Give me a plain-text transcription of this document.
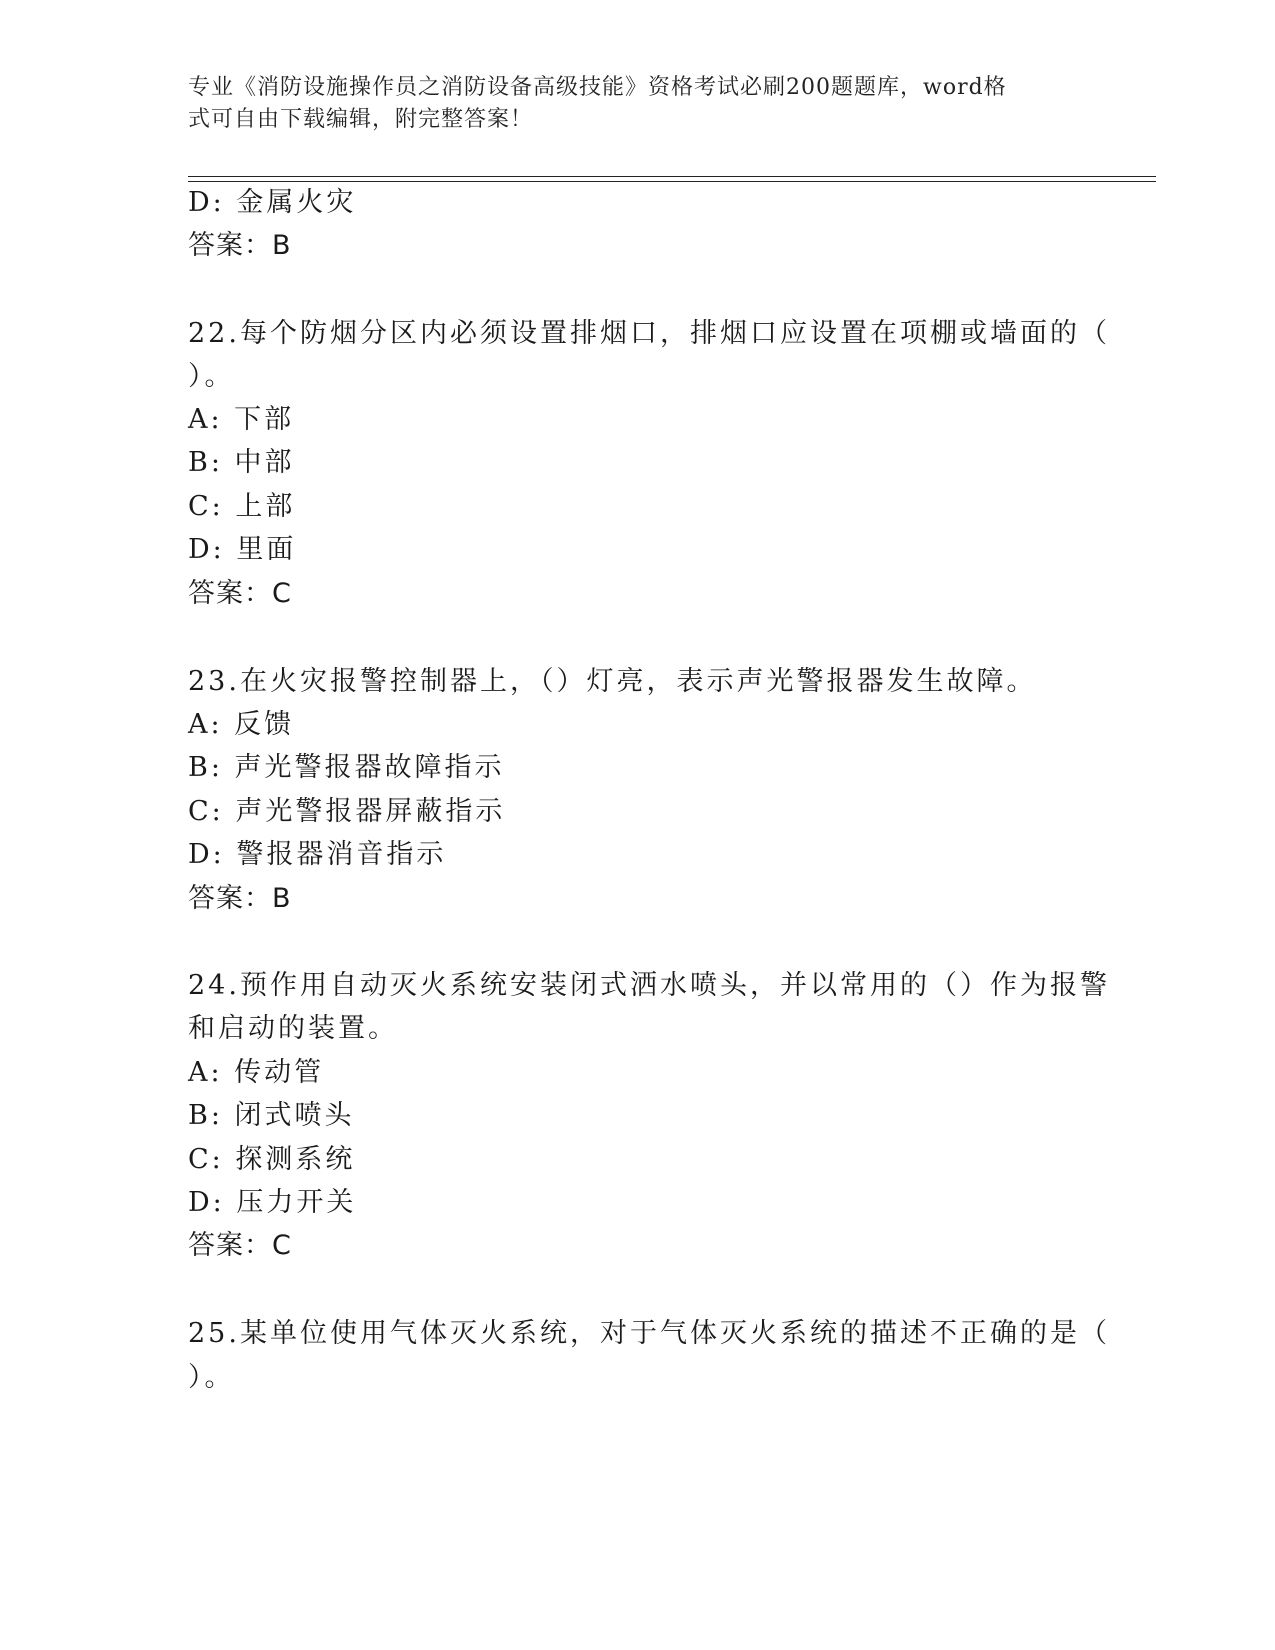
专业《消防设施操作员之消防设备高级技能》资格考试必刷200题题库，word格
式可自由下载编辑，附完整答案！
D: 金属火灾
答案：B
22.每个防烟分区内必须设置排烟口，排烟口应设置在项棚或墙面的（
）。
A: 下部
B: 中部
C: 上部
D: 里面
答案：C
23.在火灾报警控制器上，（）灯亮，表示声光警报器发生故障。
A: 反馈
B: 声光警报器故障指示
C: 声光警报器屏蔽指示
D: 警报器消音指示
答案：B
24.预作用自动灭火系统安装闭式洒水喷头，并以常用的（）作为报警
和启动的装置。
A: 传动管
B: 闭式喷头
C: 探测系统
D: 压力开关
答案：C
25.某单位使用气体灭火系统，对于气体灭火系统的描述不正确的是（
）。
